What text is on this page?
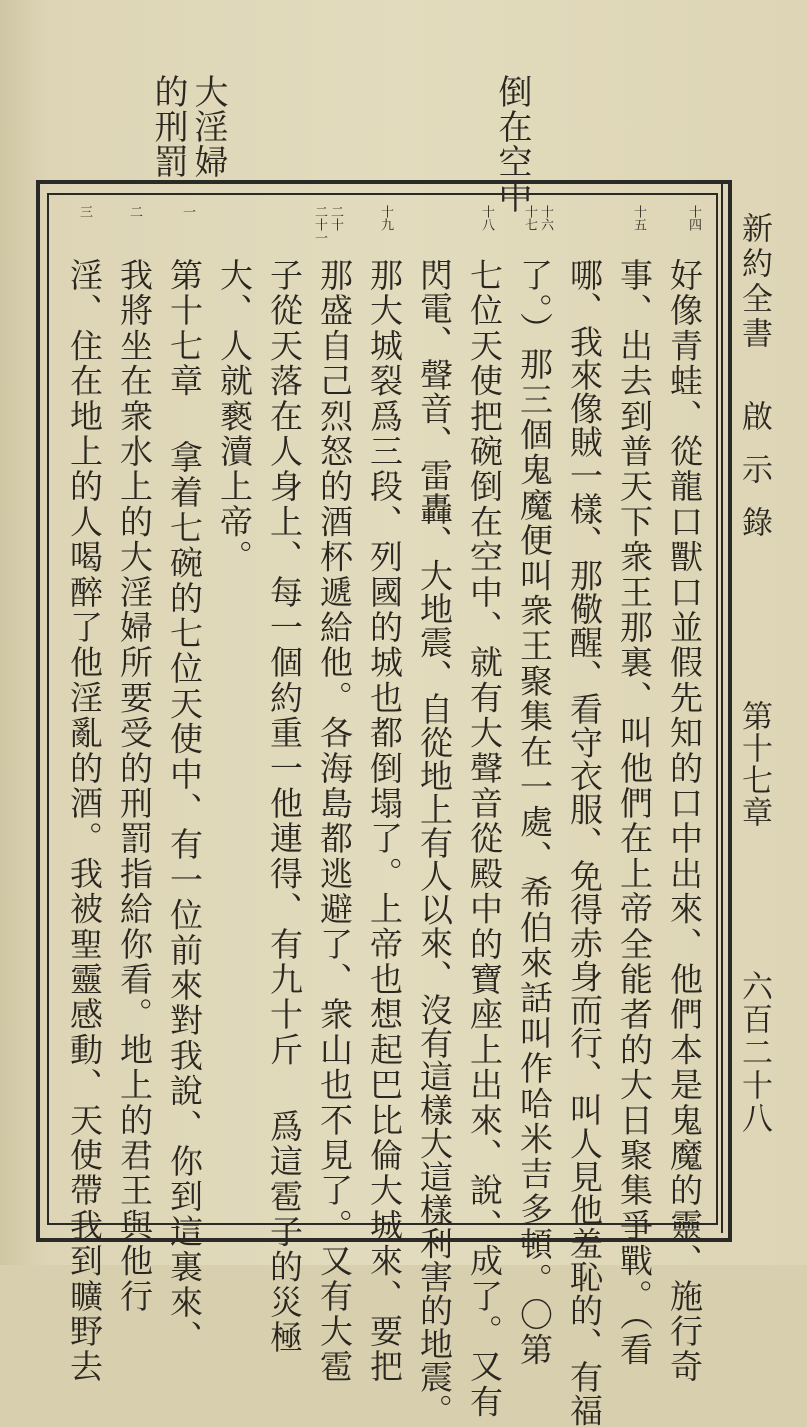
倒在空中
大淫婦
的刑罰
新約全書
啟示錄
第十七章
六百二十八
十四
十五
十六
十七
十八
十九
二十
一
二
三
好像青蛙、從龍口獸口並假先知的口中出來、他們本是鬼魔的靈、施行奇
事、出去到普天下衆王那裏、叫他們在上帝全能者的大日聚集爭戰。（看
哪、我來像賊一樣、那儆醒、看守衣服、免得赤身而行、叫人見他羞恥的、有福
了。）那三個鬼魔便叫衆王聚集在一處、希伯來話叫作哈米吉多頓。〇第
七位天使把碗倒在空中、就有大聲音從殿中的寶座上出來、說、成了。又有
閃電、聲音、雷轟、大地震、自從地上有人以來、沒有這樣大這樣利害的地震。
那大城裂爲三段、列國的城也都倒塌了。上帝也想起巴比倫大城來、要把
那盛自己烈怒的酒杯遞給他。各海島都逃避了、衆山也不見了。又有大雹
子從天落在人身上、每一個約重一他連得、有九十斤 爲這雹子的災極
大、人就褻瀆上帝。
第十七章 拿着七碗的七位天使中、有一位前來對我說、你到這裏來、
我將坐在衆水上的大淫婦所要受的刑罰指給你看。地上的君王與他行
淫、住在地上的人喝醉了他淫亂的酒。我被聖靈感動、天使帶我到曠野去
二十一
